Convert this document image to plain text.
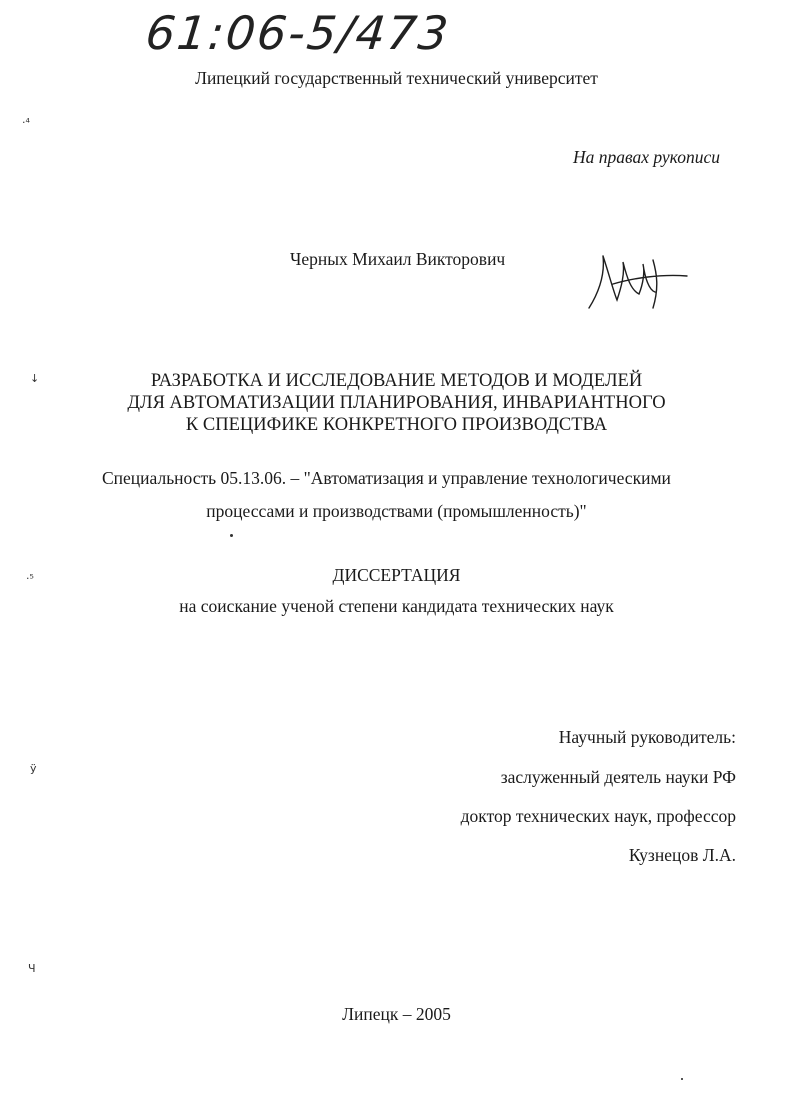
61:06-5/473
Липецкий государственный технический университет
·⁴
На правах рукописи
Черных Михаил Викторович
↓	РАЗРАБОТКА И ИССЛЕДОВАНИЕ МЕТОДОВ И МОДЕЛЕЙ
ДЛЯ АВТОМАТИЗАЦИИ ПЛАНИРОВАНИЯ, ИНВАРИАНТНОГО
К СПЕЦИФИКЕ КОНКРЕТНОГО ПРОИЗВОДСТВА
Специальность 05.13.06. – "Автоматизация и управление технологическими
процессами и производствами (промышленность)"
·⁵	ДИССЕРТАЦИЯ
на соискание ученой степени кандидата технических наук
ÿ
Научный руководитель:
заслуженный деятель науки РФ
доктор технических наук, профессор
Кузнецов Л.А.
Ч
Липецк – 2005
